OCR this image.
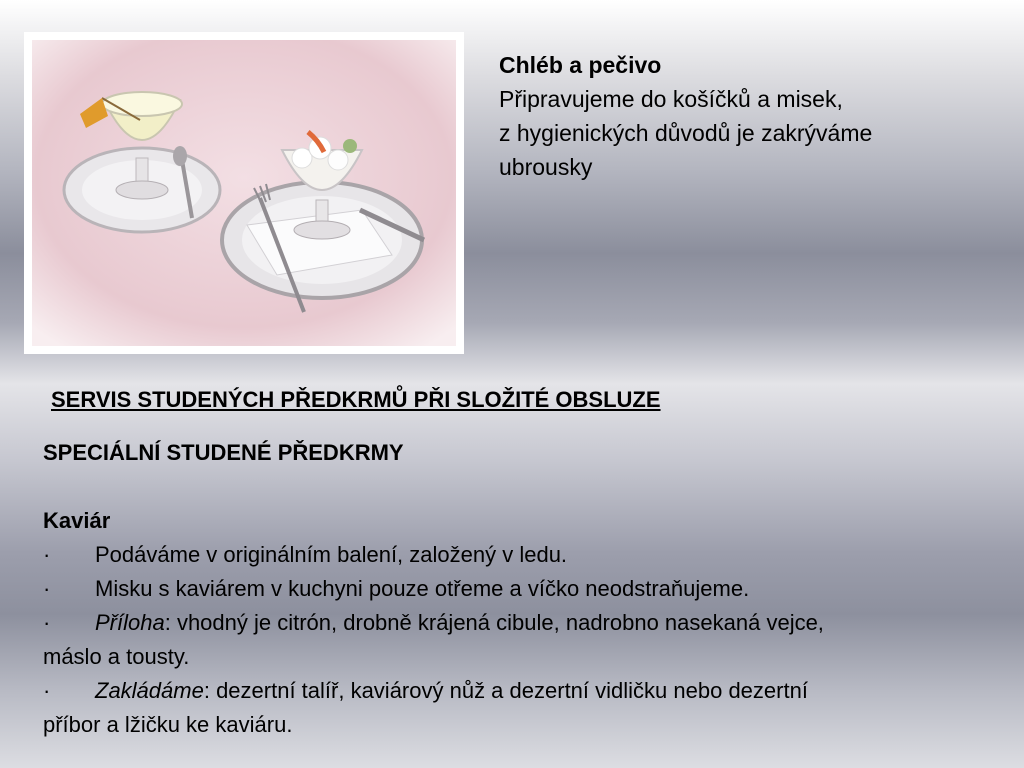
Chléb a pečivo
Připravujeme do košíčků a misek,
z hygienických důvodů je zakrýváme
ubrousky
SERVIS STUDENÝCH PŘEDKRMŮ PŘI SLOŽITÉ OBSLUZE
SPECIÁLNÍ STUDENÉ PŘEDKRMY
Kaviár
· Podáváme v originálním balení, založený v ledu.
· Misku s kaviárem v kuchyni pouze otřeme a víčko neodstraňujeme.
· Příloha: vhodný je citrón, drobně krájená cibule, nadrobno nasekaná vejce,
máslo a tousty.
· Zakládáme: dezertní talíř, kaviárový nůž a dezertní vidličku nebo dezertní
příbor a lžičku ke kaviáru.
